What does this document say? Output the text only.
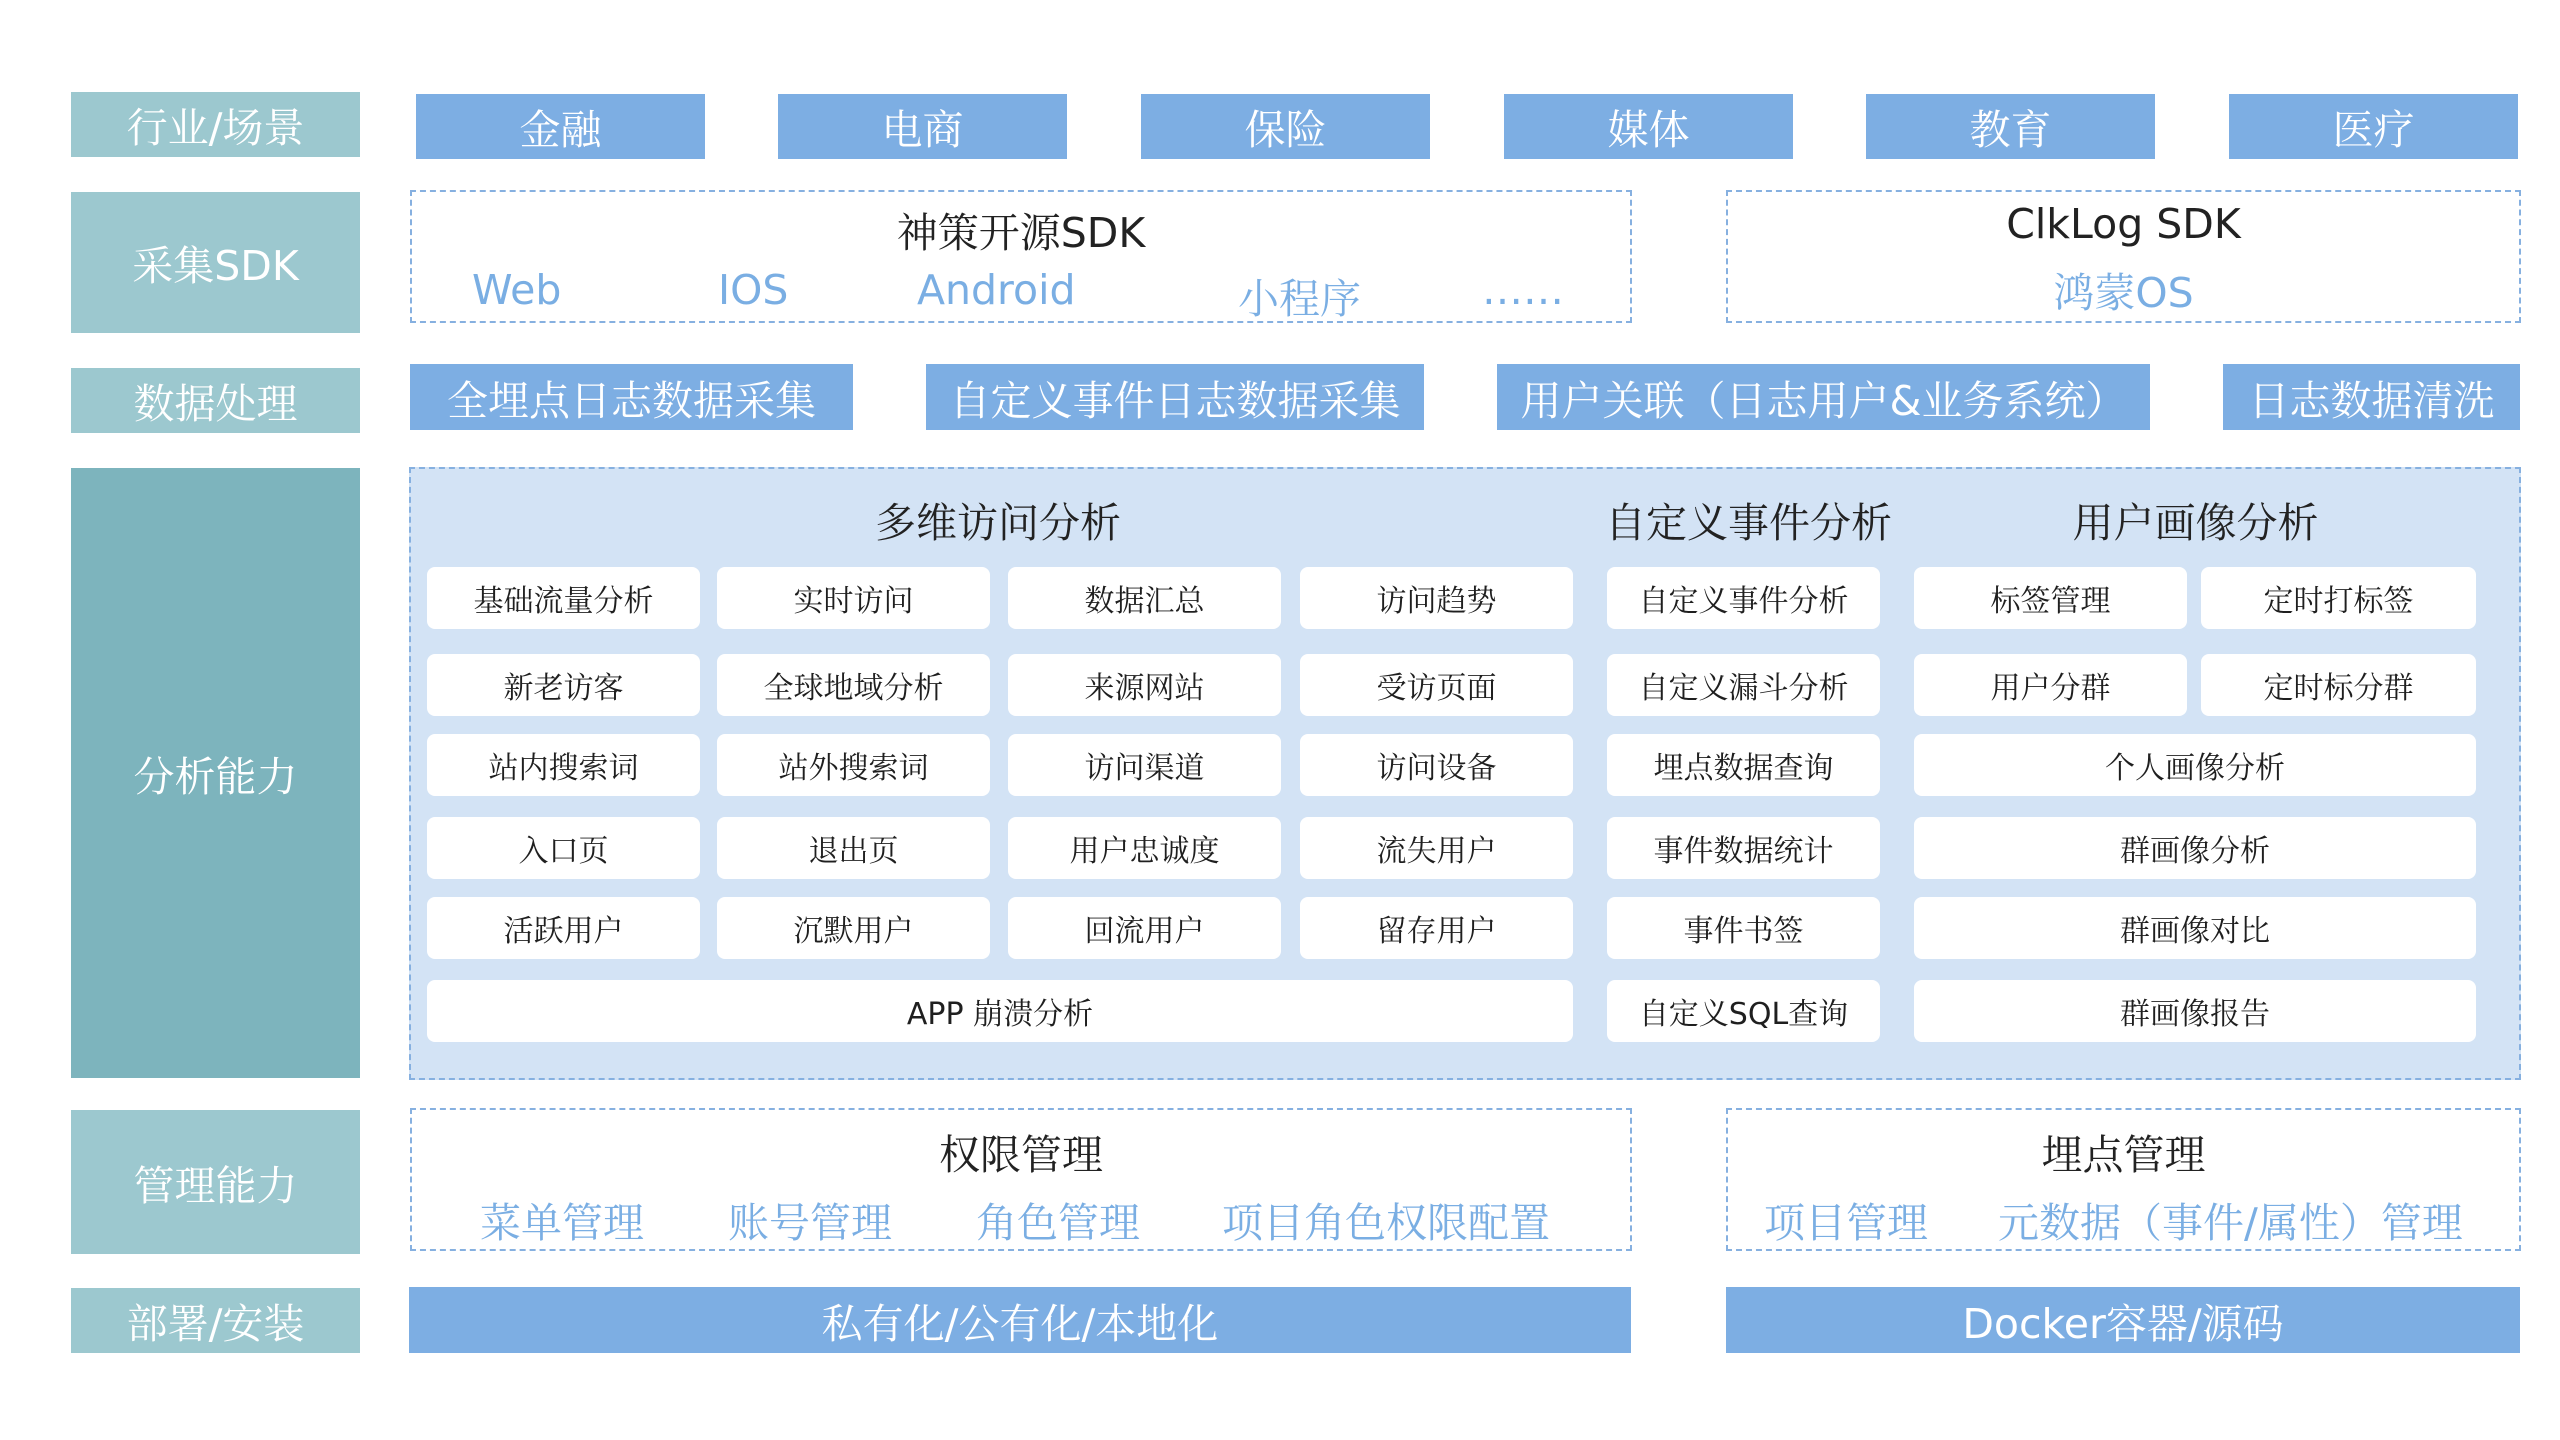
行业/场景
采集SDK
数据处理
分析能力
管理能力
部署/安装
金融	电商	保险	媒体	教育	医疗
神策开源SDK
Web	IOS	Android	小程序	……
ClkLog SDK
鸿蒙OS
全埋点日志数据采集	自定义事件日志数据采集	用户关联（日志用户&业务系统）	日志数据清洗
多维访问分析	自定义事件分析	用户画像分析
基础流量分析	实时访问	数据汇总	访问趋势
新老访客	全球地域分析	来源网站	受访页面
站内搜索词	站外搜索词	访问渠道	访问设备
入口页	退出页	用户忠诚度	流失用户
活跃用户	沉默用户	回流用户	留存用户
APP 崩溃分析
自定义事件分析
自定义漏斗分析
埋点数据查询
事件数据统计
事件书签
自定义SQL查询
标签管理	定时打标签
用户分群	定时标分群
个人画像分析
群画像分析
群画像对比
群画像报告
权限管理
菜单管理 账号管理 角色管理 项目角色权限配置
埋点管理
项目管理 元数据（事件/属性）管理
私有化/公有化/本地化	Docker容器/源码
